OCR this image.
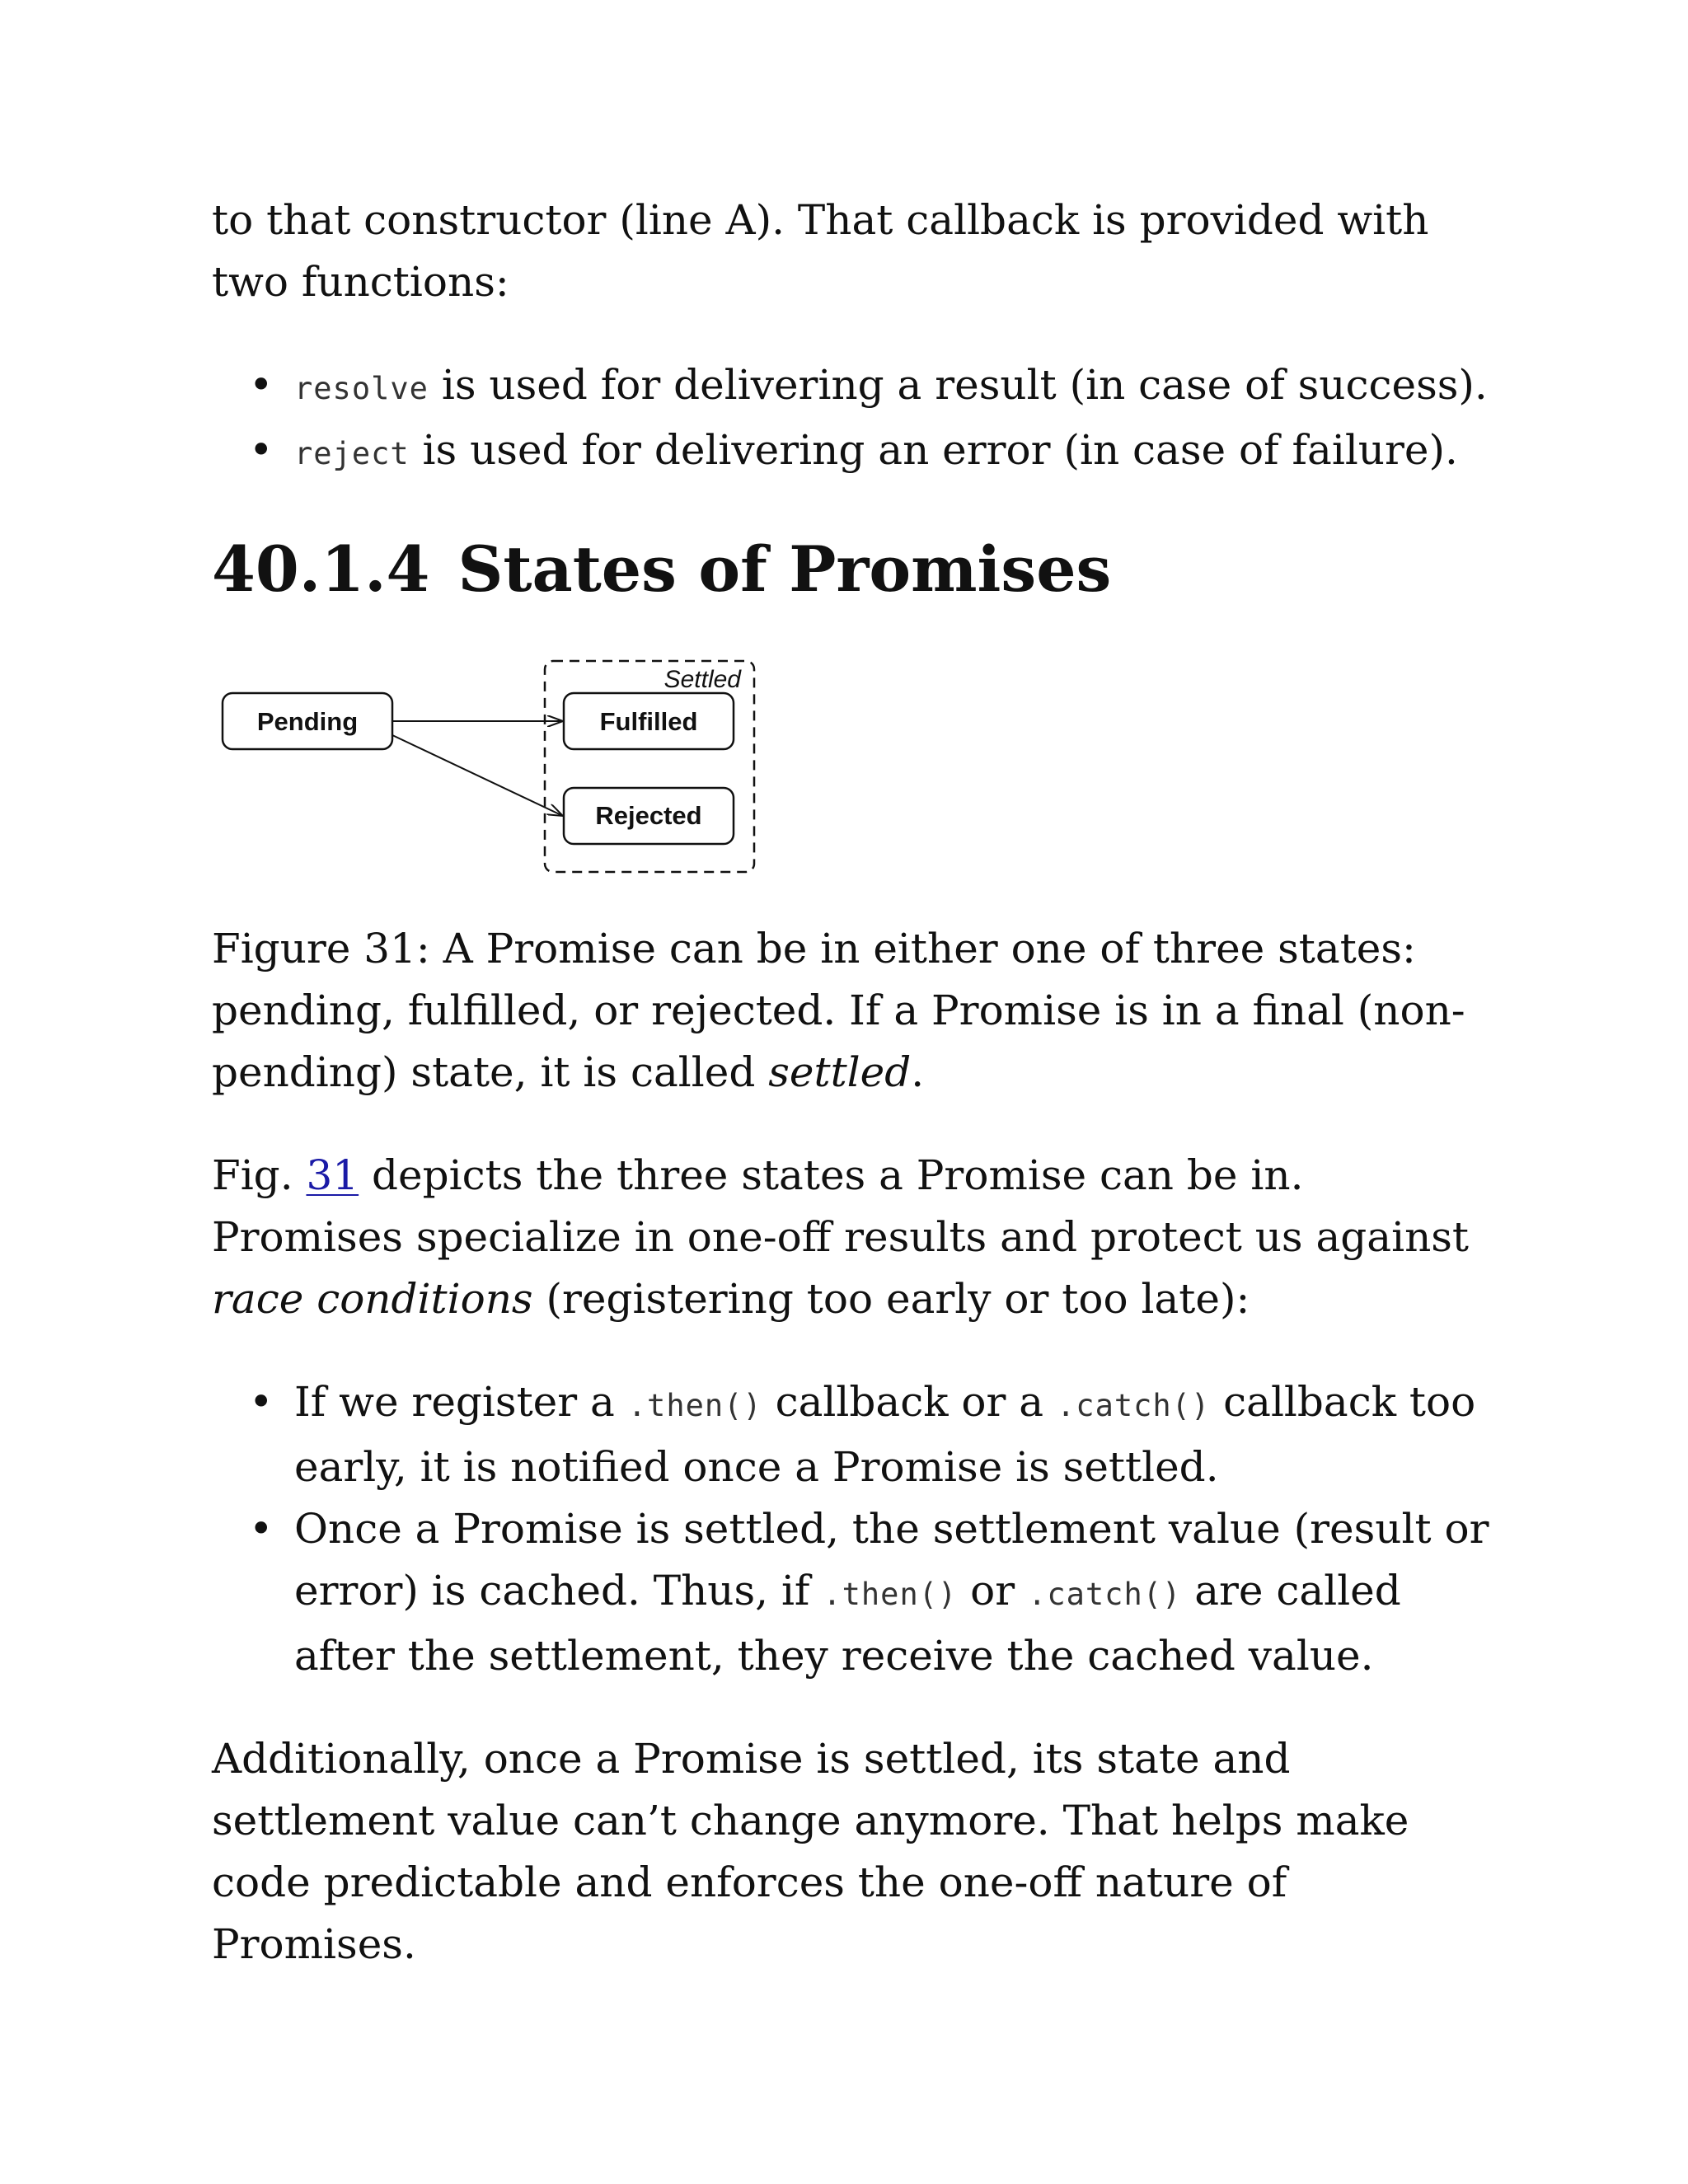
to that constructor (line A). That callback is provided with two functions:

• resolve is used for delivering a result (in case of success).
• reject is used for delivering an error (in case of failure).
40.1.4 States of Promises
Settled
Pending	Fulfilled
Rejected

Figure 31: A Promise can be in either one of three states: pending, fulfilled, or rejected. If a Promise is in a final (non-pending) state, it is called settled.

Fig. 31 depicts the three states a Promise can be in. Promises specialize in one-off results and protect us against race conditions (registering too early or too late):

• If we register a .then() callback or a .catch() callback too early, it is notified once a Promise is settled.
• Once a Promise is settled, the settlement value (result or error) is cached. Thus, if .then() or .catch() are called after the settlement, they receive the cached value.

Additionally, once a Promise is settled, its state and settlement value can’t change anymore. That helps make code predictable and enforces the one-off nature of Promises.
